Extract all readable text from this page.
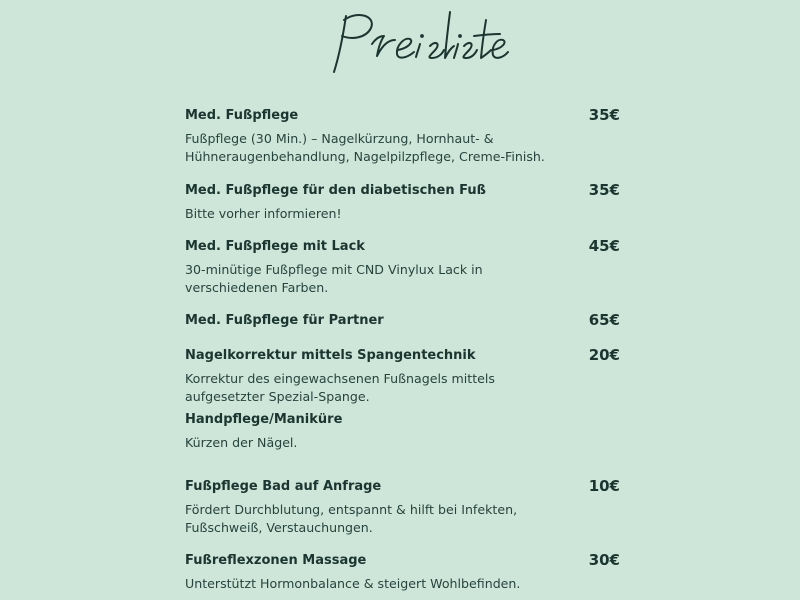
Med. Fußpflege	35€
Fußpflege (30 Min.) – Nagelkürzung, Hornhaut- & Hühneraugenbehandlung, Nagelpilzpflege, Creme-Finish.
Med. Fußpflege für den diabetischen Fuß	35€
Bitte vorher informieren!
Med. Fußpflege mit Lack	45€
30-minütige Fußpflege mit CND Vinylux Lack in verschiedenen Farben.
Med. Fußpflege für Partner	65€
Nagelkorrektur mittels Spangentechnik	20€
Korrektur des eingewachsenen Fußnagels mittels aufgesetzter Spezial-Spange.
Handpflege/Maniküre
Kürzen der Nägel.
Fußpflege Bad auf Anfrage	10€
Fördert Durchblutung, entspannt & hilft bei Infekten, Fußschweiß, Verstauchungen.
Fußreflexzonen Massage	30€
Unterstützt Hormonbalance & steigert Wohlbefinden.
